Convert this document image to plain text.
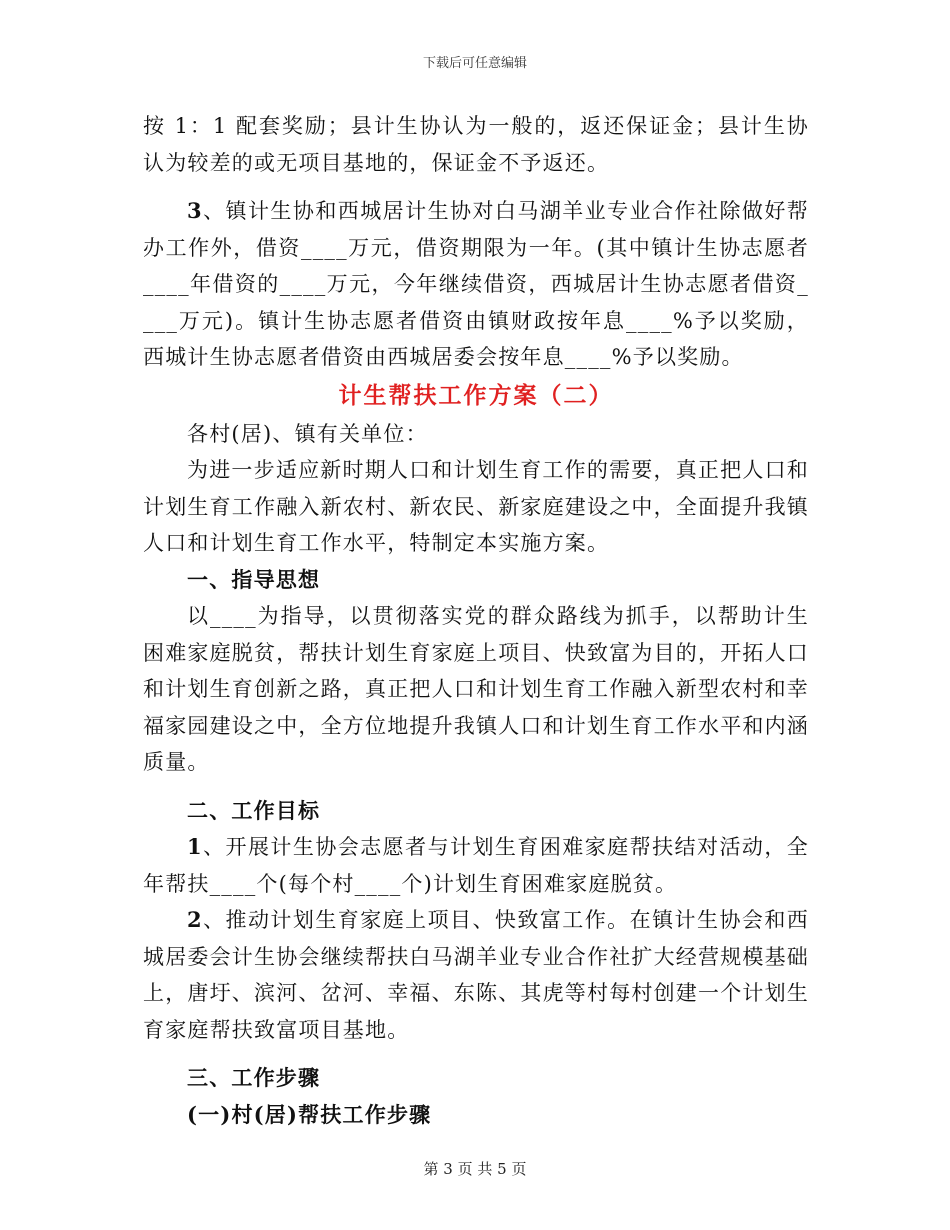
下载后可任意编辑

按 1：1 配套奖励；县计生协认为一般的，返还保证金；县计生协认为较差的或无项目基地的，保证金不予返还。

3、镇计生协和西城居计生协对白马湖羊业专业合作社除做好帮办工作外，借资____万元，借资期限为一年。(其中镇计生协志愿者____年借资的____万元，今年继续借资，西城居计生协志愿者借资____万元)。镇计生协志愿者借资由镇财政按年息____%予以奖励，西城计生协志愿者借资由西城居委会按年息____%予以奖励。

计生帮扶工作方案（二）

各村(居)、镇有关单位：

为进一步适应新时期人口和计划生育工作的需要，真正把人口和计划生育工作融入新农村、新农民、新家庭建设之中，全面提升我镇人口和计划生育工作水平，特制定本实施方案。

一、指导思想

以____为指导，以贯彻落实党的群众路线为抓手，以帮助计生困难家庭脱贫，帮扶计划生育家庭上项目、快致富为目的，开拓人口和计划生育创新之路，真正把人口和计划生育工作融入新型农村和幸福家园建设之中，全方位地提升我镇人口和计划生育工作水平和内涵质量。

二、工作目标

1、开展计生协会志愿者与计划生育困难家庭帮扶结对活动，全年帮扶____个(每个村____个)计划生育困难家庭脱贫。

2、推动计划生育家庭上项目、快致富工作。在镇计生协会和西城居委会计生协会继续帮扶白马湖羊业专业合作社扩大经营规模基础上，唐圩、滨河、岔河、幸福、东陈、其虎等村每村创建一个计划生育家庭帮扶致富项目基地。

三、工作步骤

(一)村(居)帮扶工作步骤

第 3 页 共 5 页
